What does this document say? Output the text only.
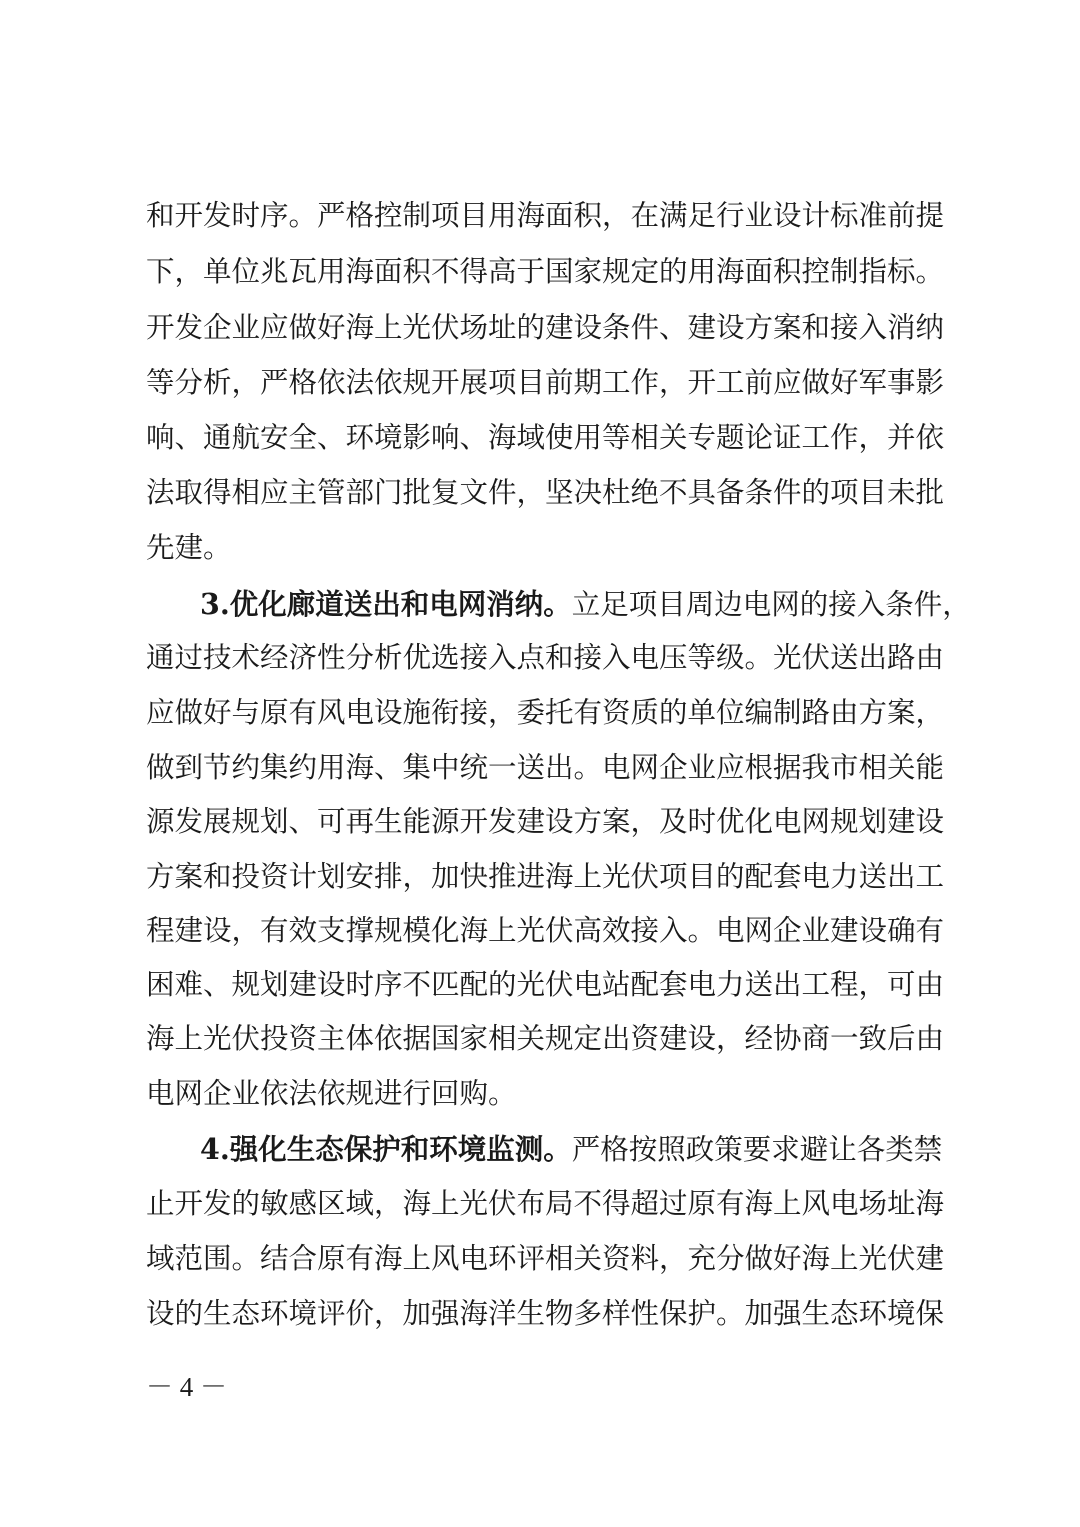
和开发时序。严格控制项目用海面积，在满足行业设计标准前提
下，单位兆瓦用海面积不得高于国家规定的用海面积控制指标。
开发企业应做好海上光伏场址的建设条件、建设方案和接入消纳
等分析，严格依法依规开展项目前期工作，开工前应做好军事影
响、通航安全、环境影响、海域使用等相关专题论证工作，并依
法取得相应主管部门批复文件，坚决杜绝不具备条件的项目未批
先建。
3.优化廊道送出和电网消纳。立足项目周边电网的接入条件，
通过技术经济性分析优选接入点和接入电压等级。光伏送出路由
应做好与原有风电设施衔接，委托有资质的单位编制路由方案，
做到节约集约用海、集中统一送出。电网企业应根据我市相关能
源发展规划、可再生能源开发建设方案，及时优化电网规划建设
方案和投资计划安排，加快推进海上光伏项目的配套电力送出工
程建设，有效支撑规模化海上光伏高效接入。电网企业建设确有
困难、规划建设时序不匹配的光伏电站配套电力送出工程，可由
海上光伏投资主体依据国家相关规定出资建设，经协商一致后由
电网企业依法依规进行回购。
4.强化生态保护和环境监测。严格按照政策要求避让各类禁
止开发的敏感区域，海上光伏布局不得超过原有海上风电场址海
域范围。结合原有海上风电环评相关资料，充分做好海上光伏建
设的生态环境评价，加强海洋生物多样性保护。加强生态环境保
－ 4 －
